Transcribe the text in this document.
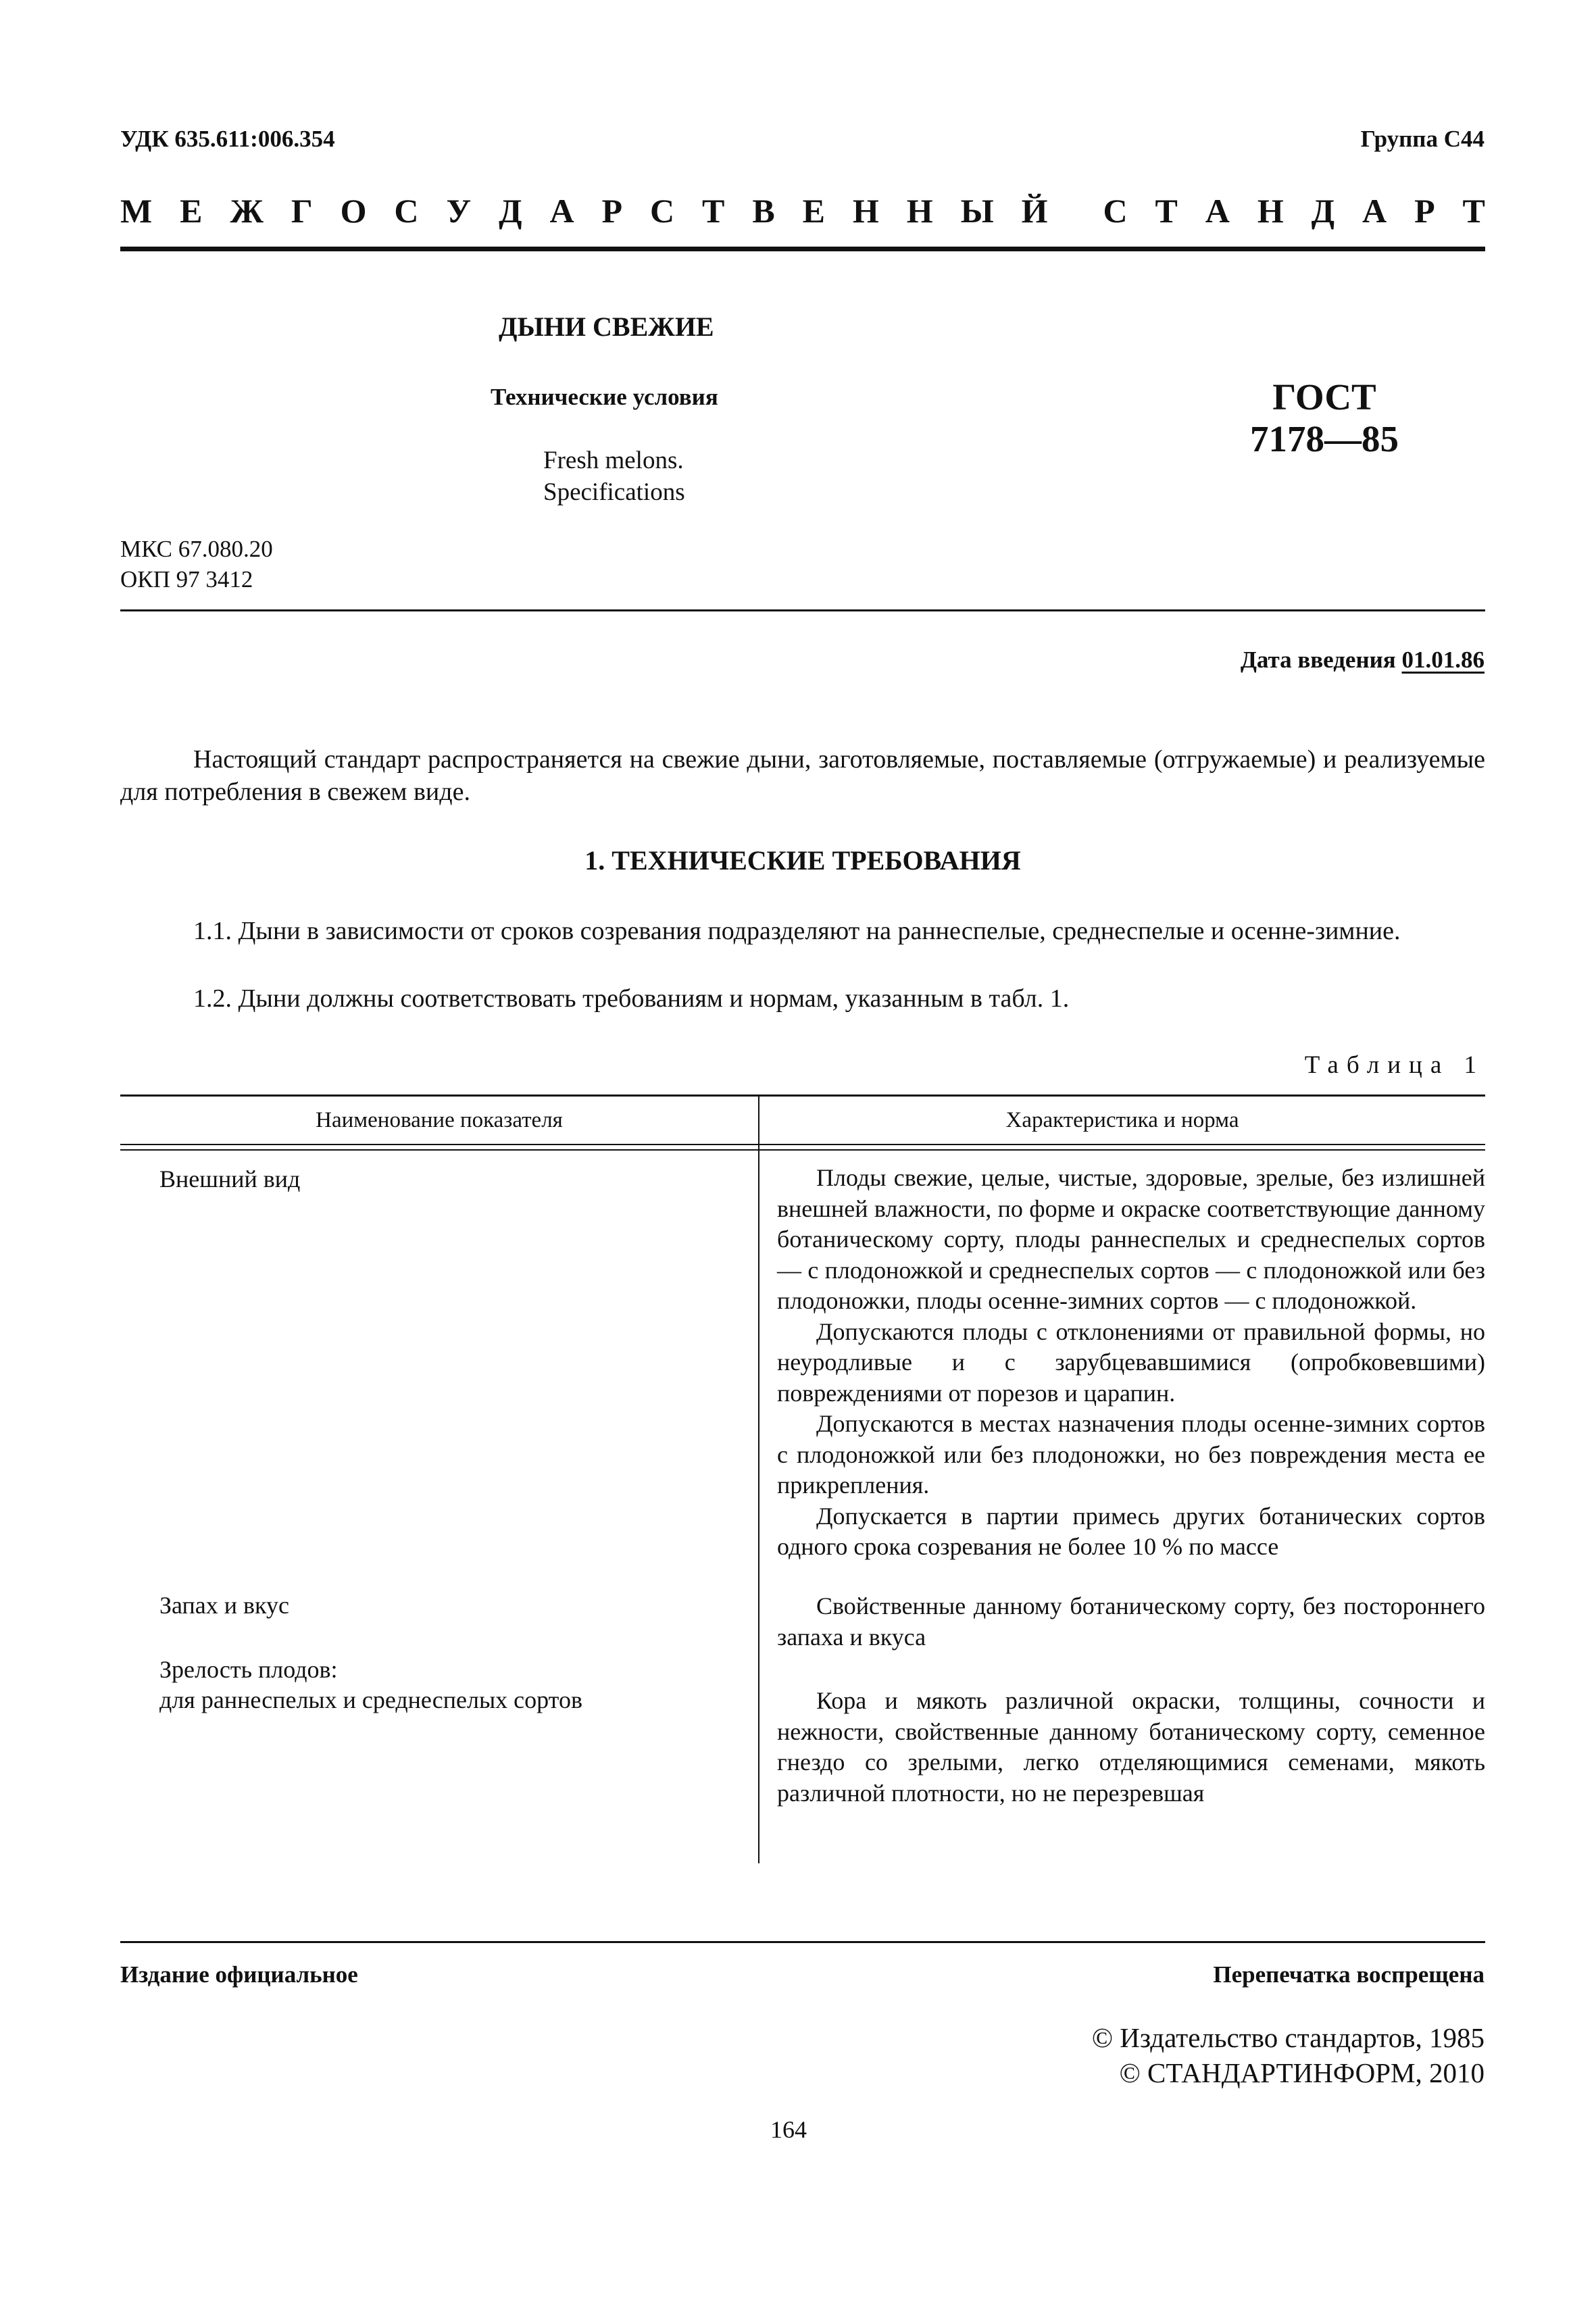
УДК 635.611:006.354	Группа С44
М Е Ж Г О С У Д А Р С Т В Е Н Н Ы Й С Т А Н Д А Р Т
ДЫНИ СВЕЖИЕ
Технические условия
Fresh melons.
Specifications
ГОСТ
7178—85
МКС 67.080.20
ОКП 97 3412
Дата введения 01.01.86
Настоящий стандарт распространяется на свежие дыни, заготовляемые, поставляемые (отгружаемые) и реализуемые для потребления в свежем виде.
1. ТЕХНИЧЕСКИЕ ТРЕБОВАНИЯ
1.1. Дыни в зависимости от сроков созревания подразделяют на раннеспелые, среднеспелые и осенне-зимние.
1.2. Дыни должны соответствовать требованиям и нормам, указанным в табл. 1.
Таблица 1
Наименование показателя	Характеристика и норма
Внешний вид	Плоды свежие, целые, чистые, здоровые, зрелые, без излишней внешней влажности, по форме и окраске соответствующие данному ботаническому сорту, плоды раннеспелых и среднеспелых сортов — с плодоножкой и среднеспелых сортов — с плодоножкой или без плодоножки, плоды осенне-зимних сортов — с плодоножкой.

Допускаются плоды с отклонениями от правильной формы, но неуродливые и с зарубцевавшимися (опробковевшими) повреждениями от порезов и царапин.

Допускаются в местах назначения плоды осенне-зимних сортов с плодоножкой или без плодоножки, но без повреждения места ее прикрепления.

Допускается в партии примесь других ботанических сортов одного срока созревания не более 10 % по массе

Запах и вкус	Свойственные данному ботаническому сорту, без постороннего запаха и вкуса

Зрелость плодов:
для раннеспелых и среднеспелых сортов	Кора и мякоть различной окраски, толщины, сочности и нежности, свойственные данному ботаническому сорту, семенное гнездо со зрелыми, легко отделяющимися семенами, мякоть различной плотности, но не перезревшая

Издание официальное	Перепечатка воспрещена
© Издательство стандартов, 1985
© СТАНДАРТИНФОРМ, 2010
164
